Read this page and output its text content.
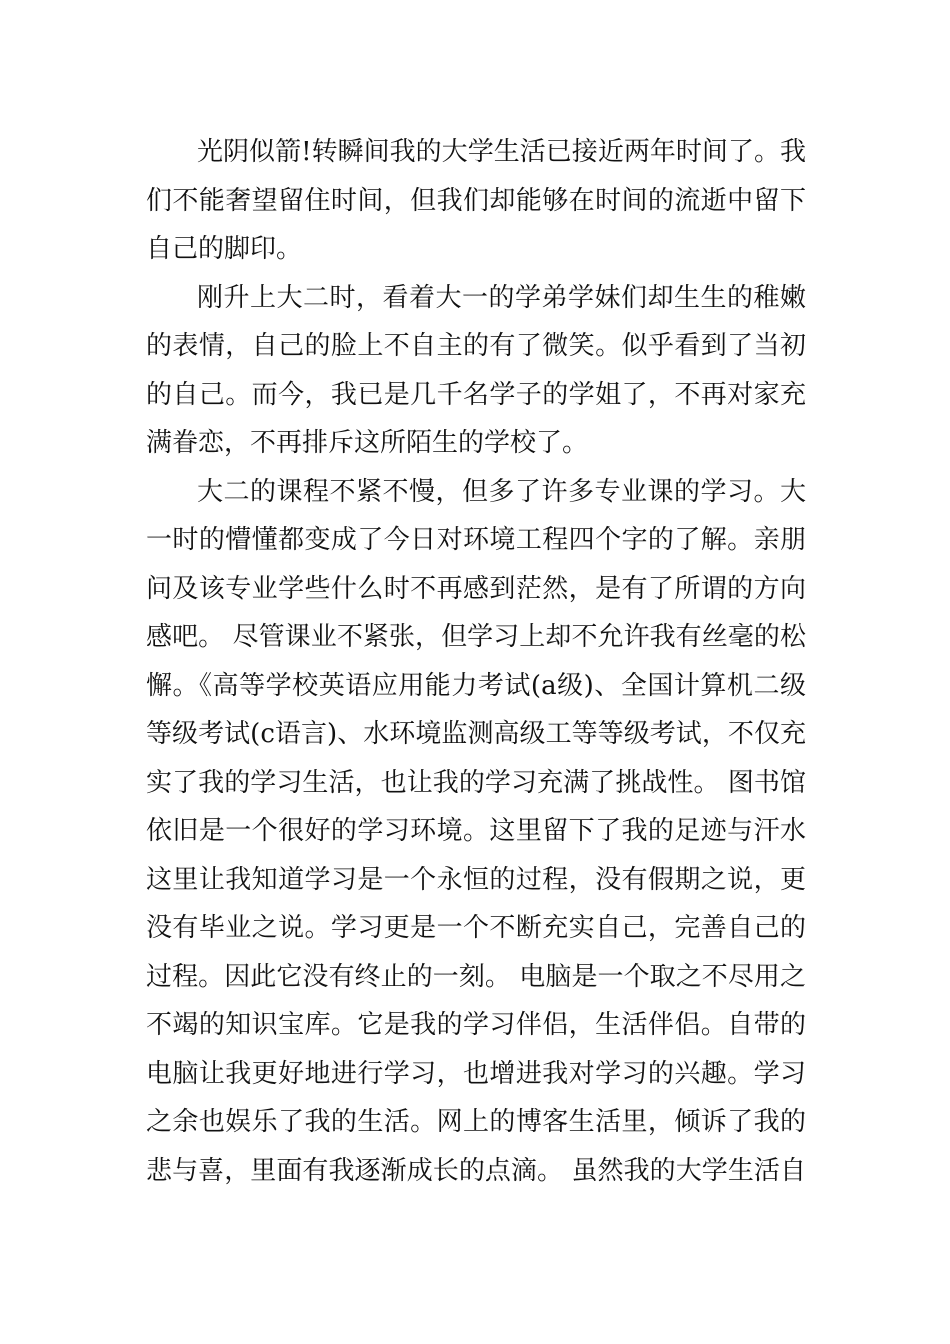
光阴似箭!转瞬间我的大学生活已接近两年时间了。我
们不能奢望留住时间，但我们却能够在时间的流逝中留下
自己的脚印。
刚升上大二时，看着大一的学弟学妹们却生生的稚嫩
的表情，自己的脸上不自主的有了微笑。似乎看到了当初
的自己。而今，我已是几千名学子的学姐了，不再对家充
满眷恋，不再排斥这所陌生的学校了。
大二的课程不紧不慢，但多了许多专业课的学习。大
一时的懵懂都变成了今日对环境工程四个字的了解。亲朋
问及该专业学些什么时不再感到茫然，是有了所谓的方向
感吧。 尽管课业不紧张，但学习上却不允许我有丝毫的松
懈。《高等学校英语应用能力考试(a级)、全国计算机二级
等级考试(c语言)、水环境监测高级工等等级考试，不仅充
实了我的学习生活，也让我的学习充满了挑战性。 图书馆
依旧是一个很好的学习环境。这里留下了我的足迹与汗水
这里让我知道学习是一个永恒的过程，没有假期之说，更
没有毕业之说。学习更是一个不断充实自己，完善自己的
过程。因此它没有终止的一刻。 电脑是一个取之不尽用之
不竭的知识宝库。它是我的学习伴侣，生活伴侣。自带的
电脑让我更好地进行学习，也增进我对学习的兴趣。学习
之余也娱乐了我的生活。网上的博客生活里，倾诉了我的
悲与喜，里面有我逐渐成长的点滴。 虽然我的大学生活自
